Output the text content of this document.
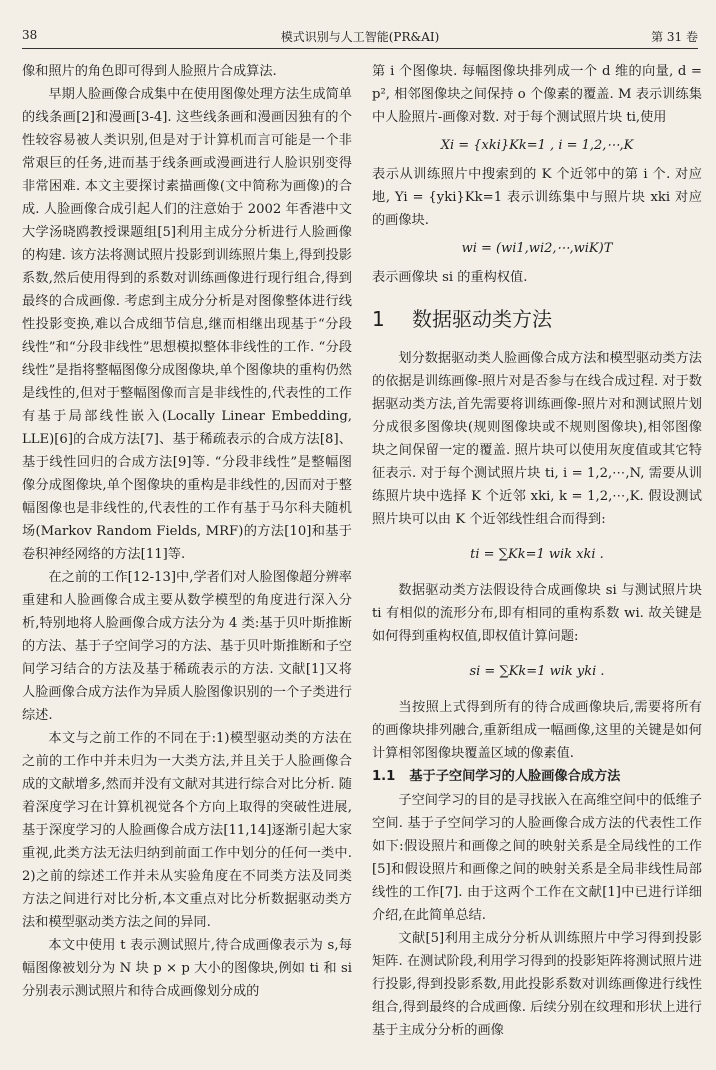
38	模式识别与人工智能(PR&AI)	第 31 卷

像和照片的角色即可得到人脸照片合成算法.

早期人脸画像合成集中在使用图像处理方法生成简单的线条画[2]和漫画[3-4]. 这些线条画和漫画因独有的个性较容易被人类识别,但是对于计算机而言可能是一个非常艰巨的任务,进而基于线条画或漫画进行人脸识别变得非常困难. 本文主要探讨素描画像(文中简称为画像)的合成. 人脸画像合成引起人们的注意始于 2002 年香港中文大学汤晓鸥教授课题组[5]利用主成分分析进行人脸画像的构建. 该方法将测试照片投影到训练照片集上,得到投影系数,然后使用得到的系数对训练画像进行现行组合,得到最终的合成画像. 考虑到主成分分析是对图像整体进行线性投影变换,难以合成细节信息,继而相继出现基于“分段线性”和“分段非线性”思想模拟整体非线性的工作. “分段线性”是指将整幅图像分成图像块,单个图像块的重构仍然是线性的,但对于整幅图像而言是非线性的,代表性的工作有基于局部线性嵌入(Locally Linear Embedding, LLE)[6]的合成方法[7]、基于稀疏表示的合成方法[8]、基于线性回归的合成方法[9]等. “分段非线性”是整幅图像分成图像块,单个图像块的重构是非线性的,因而对于整幅图像也是非线性的,代表性的工作有基于马尔科夫随机场(Markov Random Fields, MRF)的方法[10]和基于卷积神经网络的方法[11]等.

在之前的工作[12-13]中,学者们对人脸图像超分辨率重建和人脸画像合成主要从数学模型的角度进行深入分析,特别地将人脸画像合成方法分为 4 类:基于贝叶斯推断的方法、基于子空间学习的方法、基于贝叶斯推断和子空间学习结合的方法及基于稀疏表示的方法. 文献[1]又将人脸画像合成方法作为异质人脸图像识别的一个子类进行综述.

本文与之前工作的不同在于:1)模型驱动类的方法在之前的工作中并未归为一大类方法,并且关于人脸画像合成的文献增多,然而并没有文献对其进行综合对比分析. 随着深度学习在计算机视觉各个方向上取得的突破性进展,基于深度学习的人脸画像合成方法[11,14]逐渐引起大家重视,此类方法无法归纳到前面工作中划分的任何一类中. 2)之前的综述工作并未从实验角度在不同类方法及同类方法之间进行对比分析,本文重点对比分析数据驱动类方法和模型驱动类方法之间的异同.

本文中使用 t 表示测试照片,待合成画像表示为 s,每幅图像被划分为 N 块 p × p 大小的图像块,例如 ti 和 si 分别表示测试照片和待合成画像划分成的

第 i 个图像块. 每幅图像块排列成一个 d 维的向量, d = p², 相邻图像块之间保持 o 个像素的覆盖. M 表示训练集中人脸照片-画像对数. 对于每个测试照片块 ti,使用

Xi = {xki}Kk=1 , i = 1,2,⋯,K

表示从训练照片中搜索到的 K 个近邻中的第 i 个. 对应地, Yi = {yki}Kk=1 表示训练集中与照片块 xki 对应的画像块.

wi = (wi1,wi2,⋯,wiK)T

表示画像块 si 的重构权值.

1 数据驱动类方法

划分数据驱动类人脸画像合成方法和模型驱动类方法的依据是训练画像-照片对是否参与在线合成过程. 对于数据驱动类方法,首先需要将训练画像-照片对和测试照片划分成很多图像块(规则图像块或不规则图像块),相邻图像块之间保留一定的覆盖. 照片块可以使用灰度值或其它特征表示. 对于每个测试照片块 ti, i = 1,2,⋯,N, 需要从训练照片块中选择 K 个近邻 xki, k = 1,2,⋯,K. 假设测试照片块可以由 K 个近邻线性组合而得到:

ti = ∑Kk=1 wik xki .

数据驱动类方法假设待合成画像块 si 与测试照片块 ti 有相似的流形分布,即有相同的重构系数 wi. 故关键是如何得到重构权值,即权值计算问题:

si = ∑Kk=1 wik yki .

当按照上式得到所有的待合成画像块后,需要将所有的画像块排列融合,重新组成一幅画像,这里的关键是如何计算相邻图像块覆盖区域的像素值.

1.1 基于子空间学习的人脸画像合成方法

子空间学习的目的是寻找嵌入在高维空间中的低维子空间. 基于子空间学习的人脸画像合成方法的代表性工作如下:假设照片和画像之间的映射关系是全局线性的工作[5]和假设照片和画像之间的映射关系是全局非线性局部线性的工作[7]. 由于这两个工作在文献[1]中已进行详细介绍,在此简单总结.

文献[5]利用主成分分析从训练照片中学习得到投影矩阵. 在测试阶段,利用学习得到的投影矩阵将测试照片进行投影,得到投影系数,用此投影系数对训练画像进行线性组合,得到最终的合成画像. 后续分别在纹理和形状上进行基于主成分分析的画像
